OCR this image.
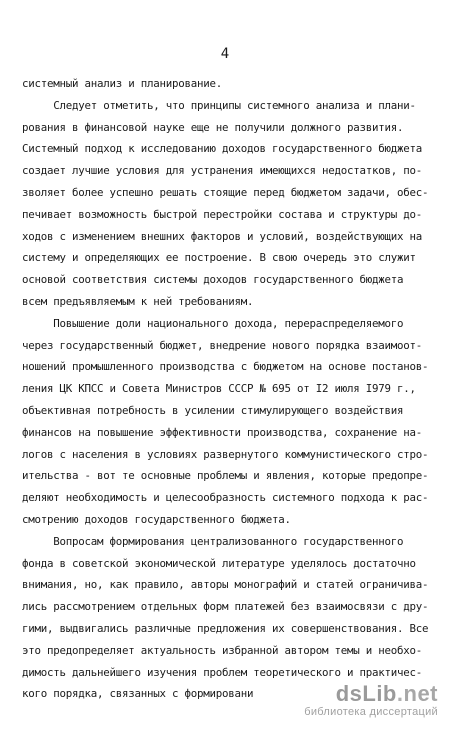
4
системный анализ и планирование.
Следует отметить, что принципы системного анализа и плани-
рования в финансовой науке еще не получили должного развития.
Системный подход к исследованию доходов государственного бюджета
создает лучшие условия для устранения имеющихся недостатков, по-
зволяет более успешно решать стоящие перед бюджетом задачи, обес-
печивает возможность быстрой перестройки состава и структуры до-
ходов с изменением внешних факторов и условий, воздействующих на
систему и определяющих ее построение. В свою очередь это служит
основой соответствия системы доходов государственного бюджета
всем предъявляемым к ней требованиям.
Повышение доли национального дохода, перераспределяемого
через государственный бюджет, внедрение нового порядка взаимоот-
ношений промышленного производства с бюджетом на основе постанов-
ления ЦК КПСС и Совета Министров СССР № 695 от I2 июля I979 г.,
объективная потребность в усилении стимулирующего воздействия
финансов на повышение эффективности производства, сохранение на-
логов с населения в условиях развернутого коммунистического стро-
ительства - вот те основные проблемы и явления, которые предопре-
деляют необходимость и целесообразность системного подхода к рас-
смотрению доходов государственного бюджета.
Вопросам формирования централизованного государственного
фонда в советской экономической литературе уделялось достаточно
внимания, но, как правило, авторы монографий и статей ограничива-
лись рассмотрением отдельных форм платежей без взаимосвязи с дру-
гими, выдвигались различные предложения их совершенствования. Все
это предопределяет актуальность избранной автором темы и необхо-
димость дальнейшего изучения проблем теоретического и практичес-
кого порядка, связанных с формировани	dsLib.net
библиотека диссертаций
